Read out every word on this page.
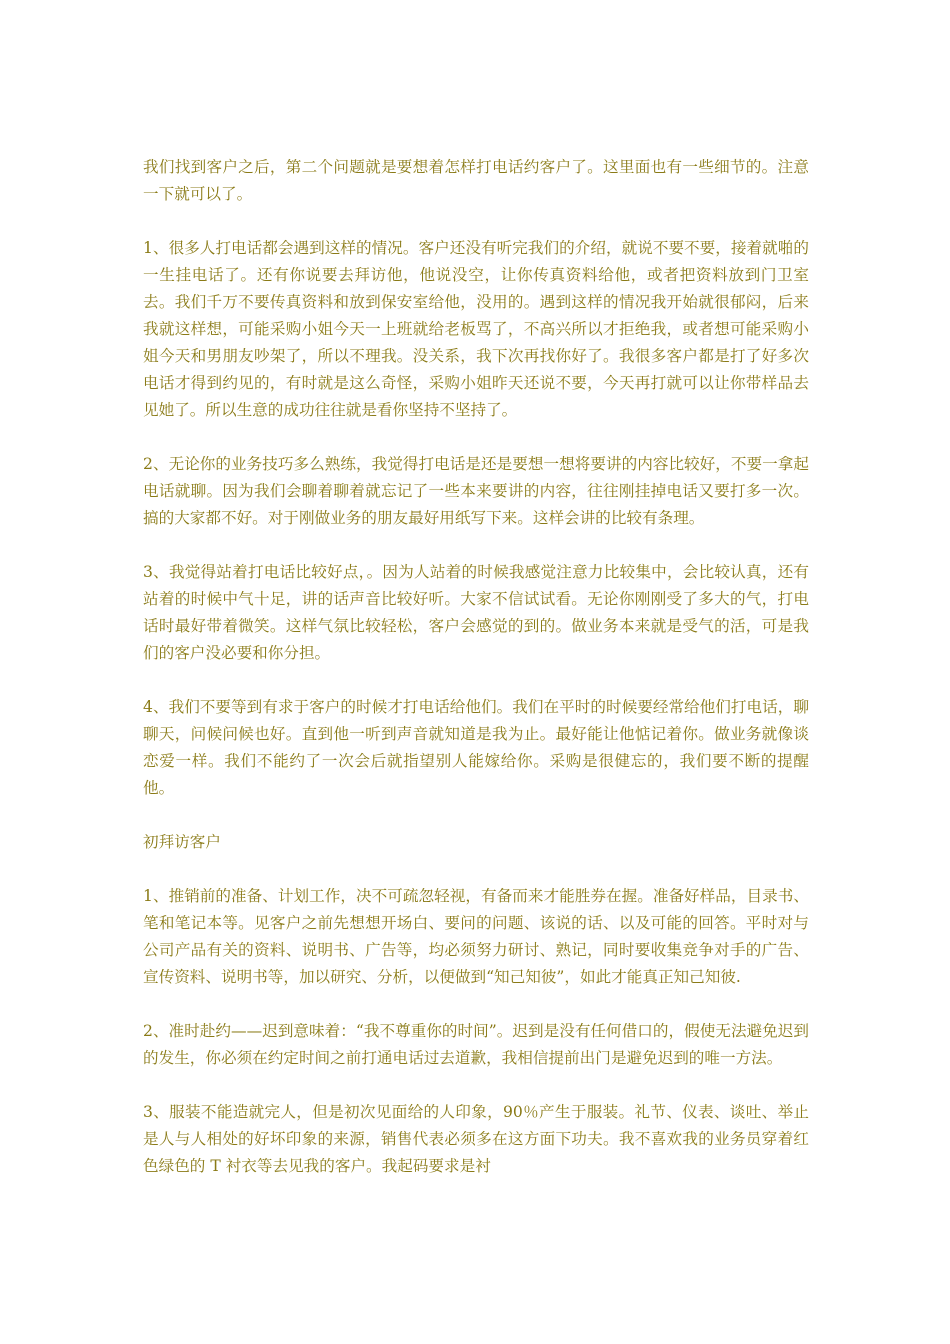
我们找到客户之后，第二个问题就是要想着怎样打电话约客户了。这里面也有一些细节的。注意一下就可以了。

1、很多人打电话都会遇到这样的情况。客户还没有听完我们的介绍，就说不要不要，接着就啪的一生挂电话了。还有你说要去拜访他，他说没空，让你传真资料给他，或者把资料放到门卫室去。我们千万不要传真资料和放到保安室给他，没用的。遇到这样的情况我开始就很郁闷，后来我就这样想，可能采购小姐今天一上班就给老板骂了，不高兴所以才拒绝我，或者想可能采购小姐今天和男朋友吵架了，所以不理我。没关系，我下次再找你好了。我很多客户都是打了好多次电话才得到约见的，有时就是这么奇怪，采购小姐昨天还说不要，今天再打就可以让你带样品去见她了。所以生意的成功往往就是看你坚持不坚持了。

2、无论你的业务技巧多么熟练，我觉得打电话是还是要想一想将要讲的内容比较好，不要一拿起电话就聊。因为我们会聊着聊着就忘记了一些本来要讲的内容，往往刚挂掉电话又要打多一次。搞的大家都不好。对于刚做业务的朋友最好用纸写下来。这样会讲的比较有条理。

3、我觉得站着打电话比较好点，。因为人站着的时候我感觉注意力比较集中，会比较认真，还有站着的时候中气十足，讲的话声音比较好听。大家不信试试看。无论你刚刚受了多大的气，打电话时最好带着微笑。这样气氛比较轻松，客户会感觉的到的。做业务本来就是受气的活，可是我们的客户没必要和你分担。

4、我们不要等到有求于客户的时候才打电话给他们。我们在平时的时候要经常给他们打电话，聊聊天，问候问候也好。直到他一听到声音就知道是我为止。最好能让他惦记着你。做业务就像谈恋爱一样。我们不能约了一次会后就指望别人能嫁给你。采购是很健忘的，我们要不断的提醒他。

初拜访客户

1、推销前的准备、计划工作，决不可疏忽轻视，有备而来才能胜券在握。准备好样品，目录书、笔和笔记本等。见客户之前先想想开场白、要问的问题、该说的话、以及可能的回答。平时对与公司产品有关的资料、说明书、广告等，均必须努力研讨、熟记，同时要收集竞争对手的广告、宣传资料、说明书等，加以研究、分析，以便做到“知己知彼”，如此才能真正知己知彼.

2、准时赴约——迟到意味着：“我不尊重你的时间”。迟到是没有任何借口的，假使无法避免迟到的发生，你必须在约定时间之前打通电话过去道歉，我相信提前出门是避免迟到的唯一方法。

3、服装不能造就完人，但是初次见面给的人印象，90％产生于服装。礼节、仪表、谈吐、举止是人与人相处的好坏印象的来源，销售代表必须多在这方面下功夫。我不喜欢我的业务员穿着红色绿色的 T 衬衣等去见我的客户。我起码要求是衬
